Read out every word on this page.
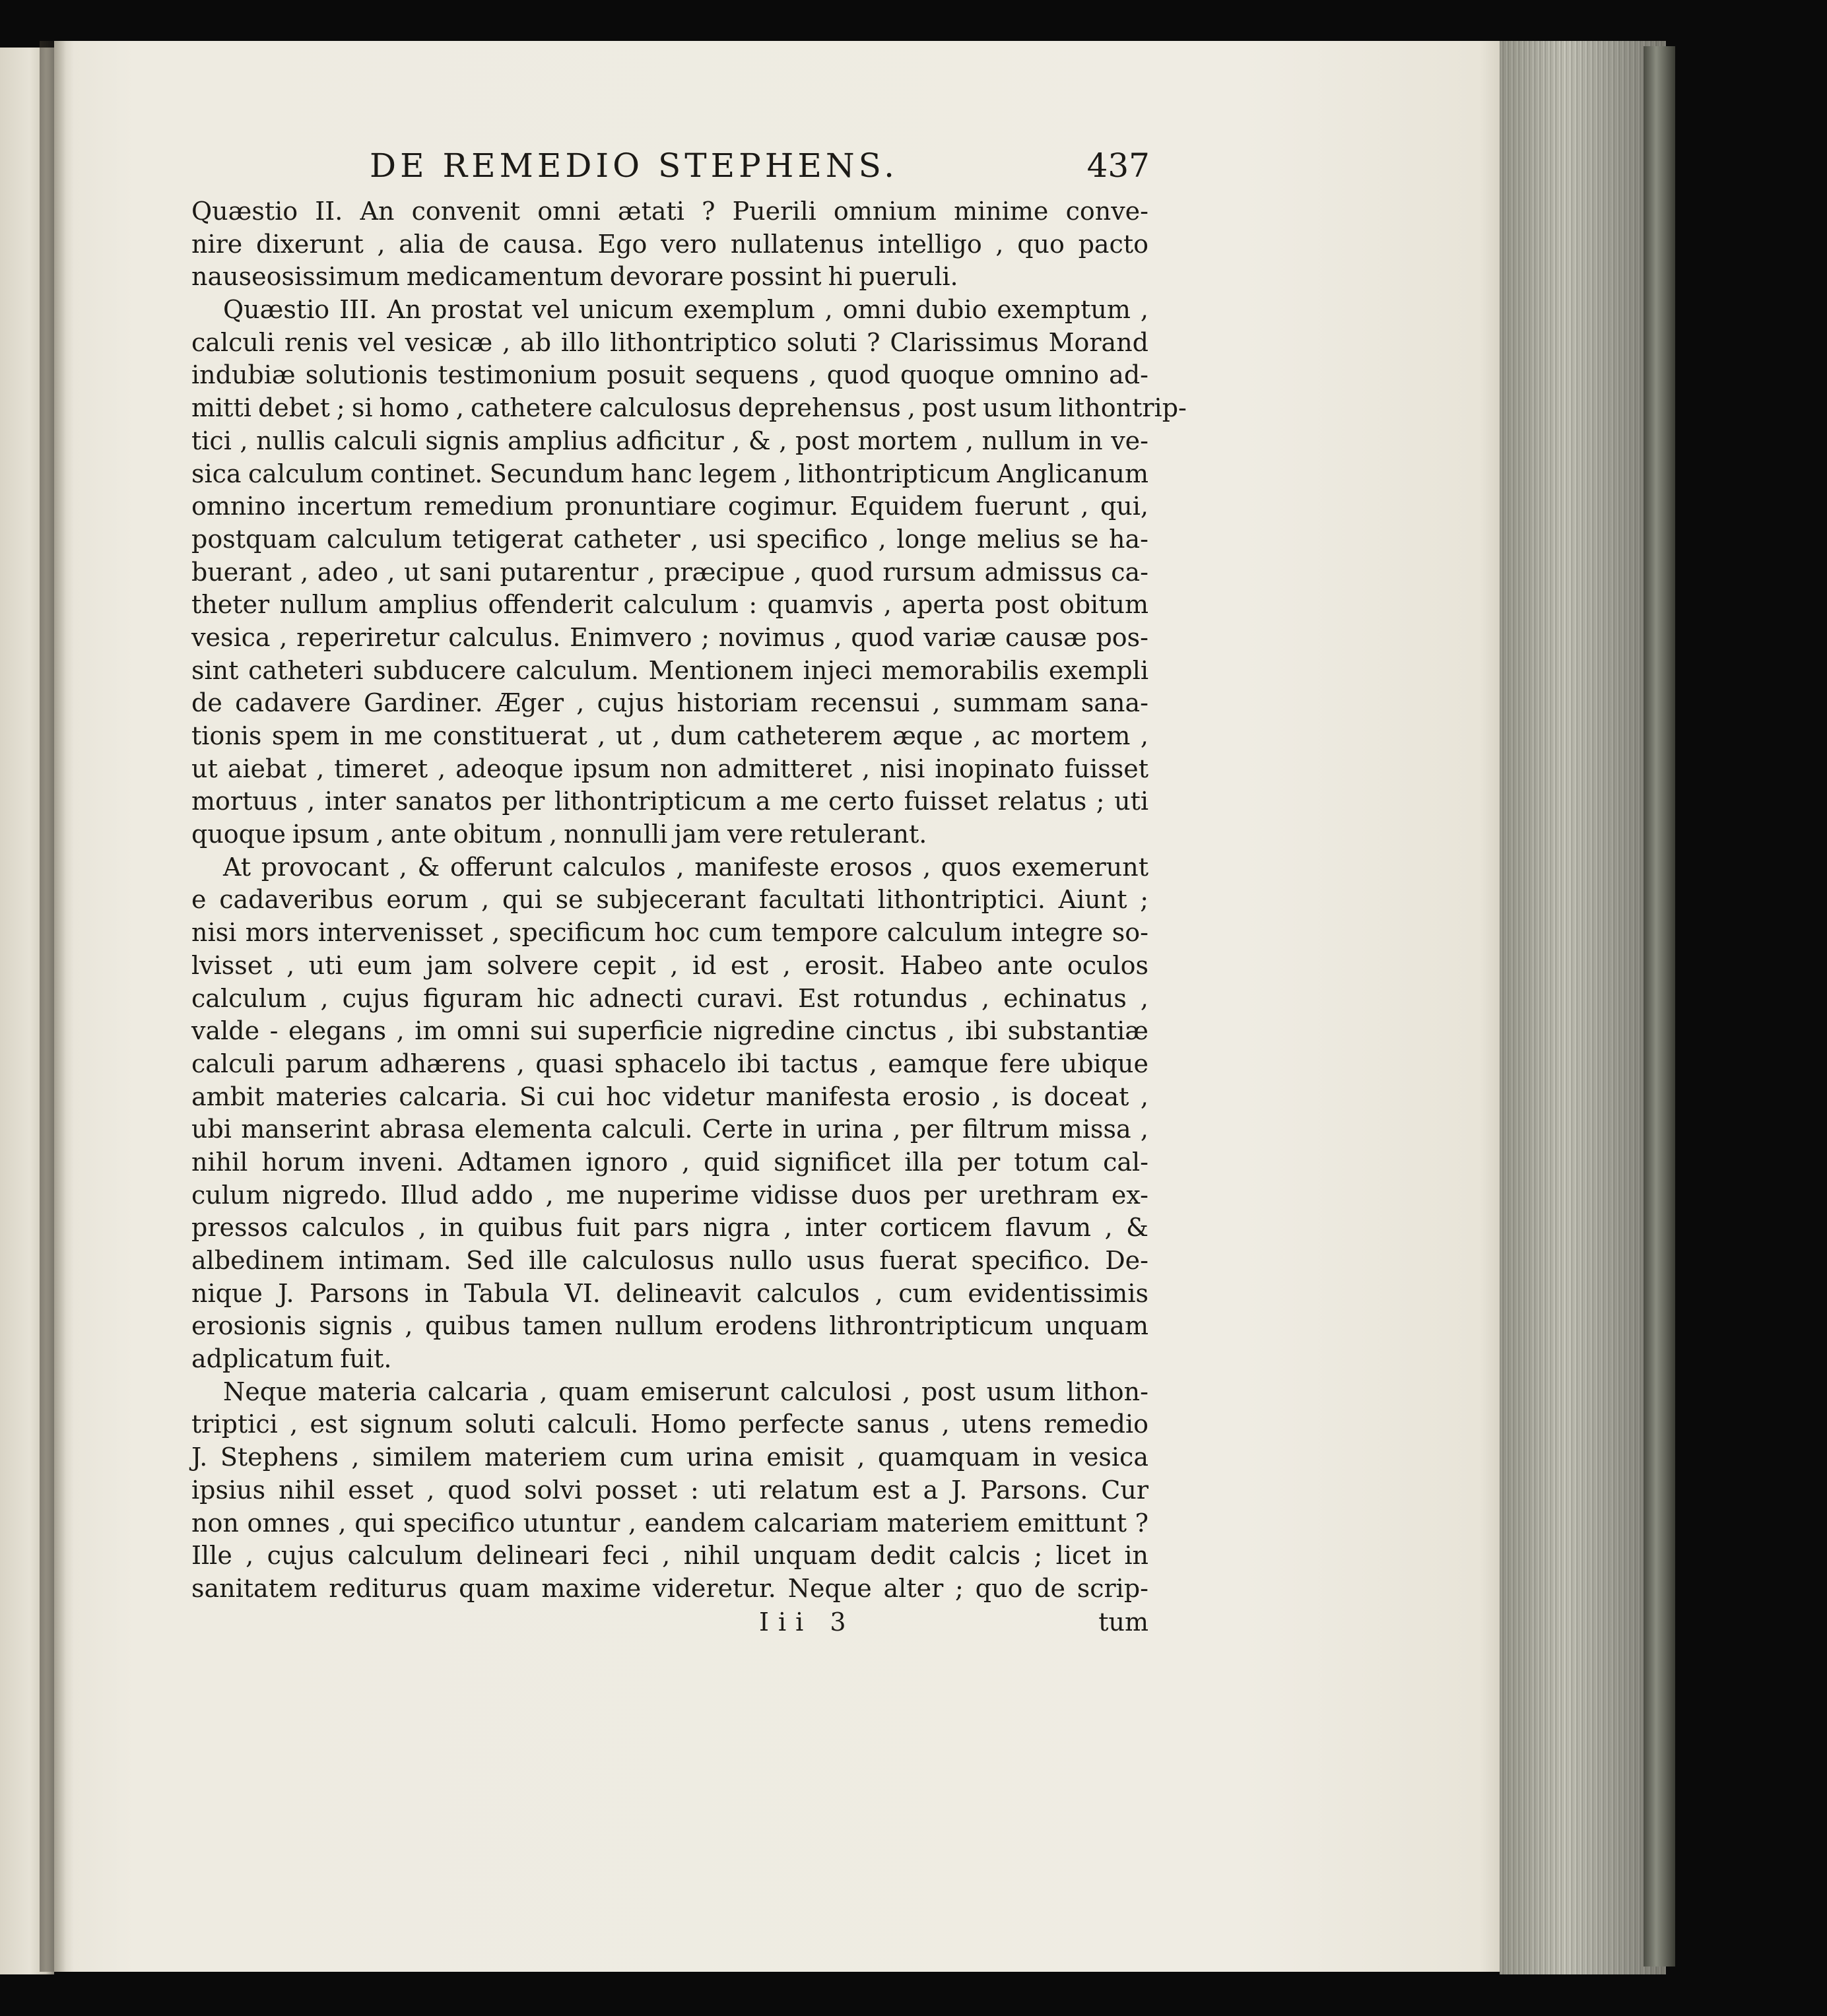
DE REMEDIO STEPHENS.	437
Quæstio II. An convenit omni ætati ? Puerili omnium minime conve-
nire dixerunt , alia de causa. Ego vero nullatenus intelligo , quo pacto
nauseosissimum medicamentum devorare possint hi pueruli.
Quæstio III. An prostat vel unicum exemplum , omni dubio exemptum ,
calculi renis vel vesicæ , ab illo lithontriptico soluti ? Clarissimus Morand
indubiæ solutionis testimonium posuit sequens , quod quoque omnino ad-
mitti debet ; si homo , cathetere calculosus deprehensus , post usum lithontrip-
tici , nullis calculi signis amplius adficitur , & , post mortem , nullum in ve-
sica calculum continet. Secundum hanc legem , lithontripticum Anglicanum
omnino incertum remedium pronuntiare cogimur. Equidem fuerunt , qui,
postquam calculum tetigerat catheter , usi specifico , longe melius se ha-
buerant , adeo , ut sani putarentur , præcipue , quod rursum admissus ca-
theter nullum amplius offenderit calculum : quamvis , aperta post obitum
vesica , reperiretur calculus. Enimvero ; novimus , quod variæ causæ pos-
sint catheteri subducere calculum. Mentionem injeci memorabilis exempli
de cadavere Gardiner. Æger , cujus historiam recensui , summam sana-
tionis spem in me constituerat , ut , dum catheterem æque , ac mortem ,
ut aiebat , timeret , adeoque ipsum non admitteret , nisi inopinato fuisset
mortuus , inter sanatos per lithontripticum a me certo fuisset relatus ; uti
quoque ipsum , ante obitum , nonnulli jam vere retulerant.
At provocant , & offerunt calculos , manifeste erosos , quos exemerunt
e cadaveribus eorum , qui se subjecerant facultati lithontriptici. Aiunt ;
nisi mors intervenisset , specificum hoc cum tempore calculum integre so-
lvisset , uti eum jam solvere cepit , id est , erosit. Habeo ante oculos
calculum , cujus figuram hic adnecti curavi. Est rotundus , echinatus ,
valde - elegans , im omni sui superficie nigredine cinctus , ibi substantiæ
calculi parum adhærens , quasi sphacelo ibi tactus , eamque fere ubique
ambit materies calcaria. Si cui hoc videtur manifesta erosio , is doceat ,
ubi manserint abrasa elementa calculi. Certe in urina , per filtrum missa ,
nihil horum inveni. Adtamen ignoro , quid significet illa per totum cal-
culum nigredo. Illud addo , me nuperime vidisse duos per urethram ex-
pressos calculos , in quibus fuit pars nigra , inter corticem flavum , &
albedinem intimam. Sed ille calculosus nullo usus fuerat specifico. De-
nique J. Parsons in Tabula VI. delineavit calculos , cum evidentissimis
erosionis signis , quibus tamen nullum erodens lithrontripticum unquam
adplicatum fuit.
Neque materia calcaria , quam emiserunt calculosi , post usum lithon-
triptici , est signum soluti calculi. Homo perfecte sanus , utens remedio
J. Stephens , similem materiem cum urina emisit , quamquam in vesica
ipsius nihil esset , quod solvi posset : uti relatum est a J. Parsons. Cur
non omnes , qui specifico utuntur , eandem calcariam materiem emittunt ?
Ille , cujus calculum delineari feci , nihil unquam dedit calcis ; licet in
sanitatem rediturus quam maxime videretur. Neque alter ; quo de scrip-
Iii 3	tum
